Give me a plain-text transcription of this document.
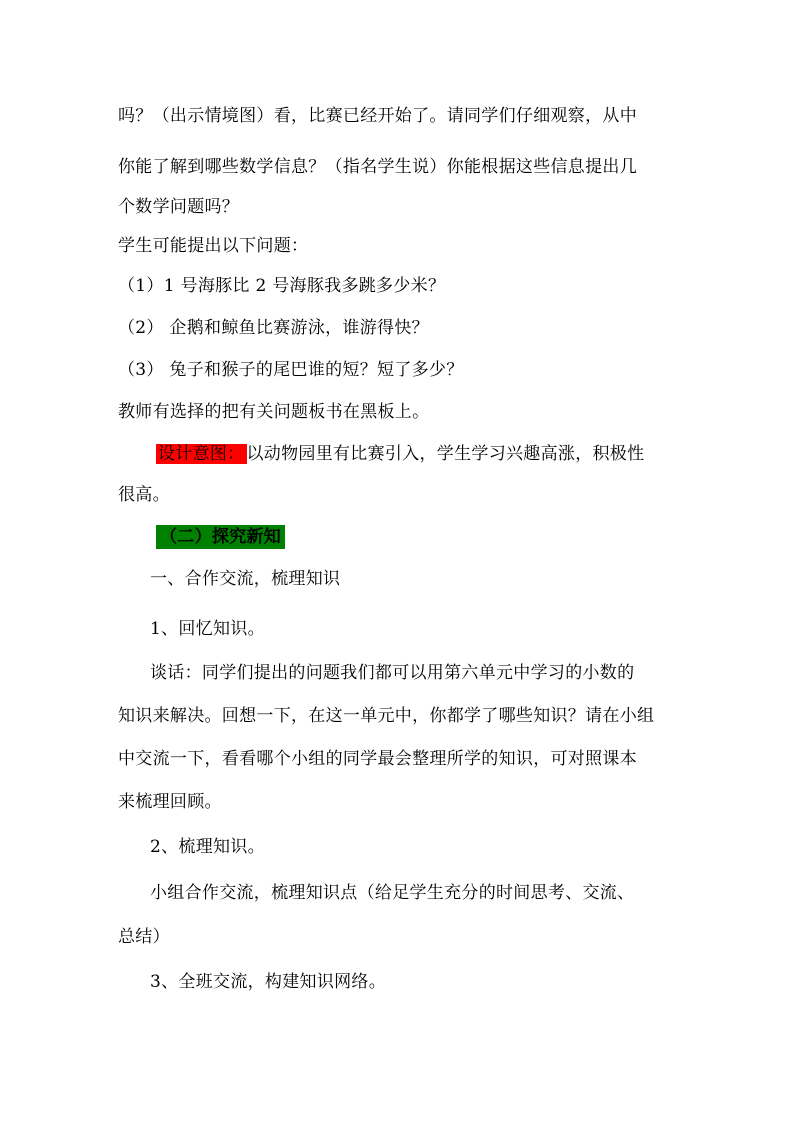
吗？（出示情境图）看，比赛已经开始了。请同学们仔细观察，从中
你能了解到哪些数学信息？（指名学生说）你能根据这些信息提出几
个数学问题吗？
学生可能提出以下问题：
（1）1 号海豚比 2 号海豚我多跳多少米？
（2） 企鹅和鲸鱼比赛游泳，谁游得快？
（3） 兔子和猴子的尾巴谁的短？短了多少？
教师有选择的把有关问题板书在黑板上。
设计意图： 以动物园里有比赛引入，学生学习兴趣高涨，积极性
很高。
（二）探究新知
一、合作交流，梳理知识
1、回忆知识。
谈话：同学们提出的问题我们都可以用第六单元中学习的小数的
知识来解决。回想一下，在这一单元中，你都学了哪些知识？请在小组
中交流一下，看看哪个小组的同学最会整理所学的知识，可对照课本
来梳理回顾。
2、梳理知识。
小组合作交流，梳理知识点（给足学生充分的时间思考、交流、
总结）
3、全班交流，构建知识网络。
